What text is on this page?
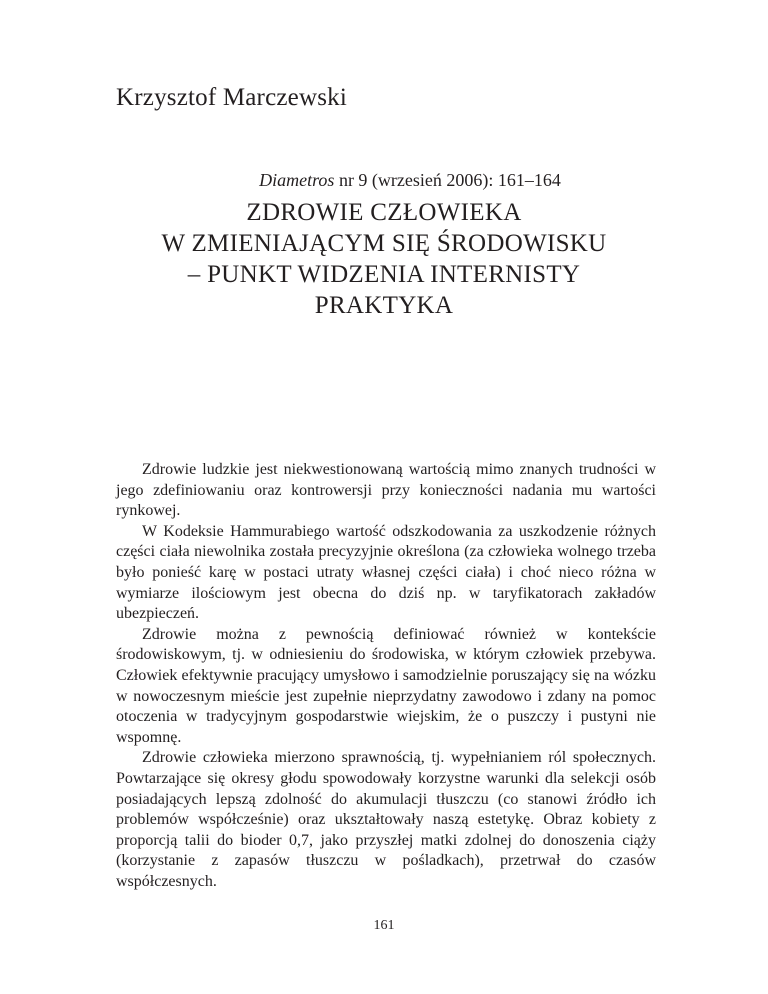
Krzysztof Marczewski
Diametros nr 9 (wrzesień 2006): 161–164
ZDROWIE CZŁOWIEKA
W ZMIENIAJĄCYM SIĘ ŚRODOWISKU
– PUNKT WIDZENIA INTERNISTY
PRAKTYKA

Zdrowie ludzkie jest niekwestionowaną wartością mimo znanych trudności w jego zdefiniowaniu oraz kontrowersji przy konieczności nadania mu wartości rynkowej.

W Kodeksie Hammurabiego wartość odszkodowania za uszkodzenie różnych części ciała niewolnika została precyzyjnie określona (za człowieka wolnego trzeba było ponieść karę w postaci utraty własnej części ciała) i choć nieco różna w wymiarze ilościowym jest obecna do dziś np. w taryfikatorach zakładów ubezpieczeń.

Zdrowie można z pewnością definiować również w kontekście środowiskowym, tj. w odniesieniu do środowiska, w którym człowiek przebywa. Człowiek efektywnie pracujący umysłowo i samodzielnie poruszający się na wózku w nowoczesnym mieście jest zupełnie nieprzydatny zawodowo i zdany na pomoc otoczenia w tradycyjnym gospodarstwie wiejskim, że o puszczy i pustyni nie wspomnę.

Zdrowie człowieka mierzono sprawnością, tj. wypełnianiem ról społecznych. Powtarzające się okresy głodu spowodowały korzystne warunki dla selekcji osób posiadających lepszą zdolność do akumulacji tłuszczu (co stanowi źródło ich problemów współcześnie) oraz ukształtowały naszą estetykę. Obraz kobiety z proporcją talii do bioder 0,7, jako przyszłej matki zdolnej do donoszenia ciąży (korzystanie z zapasów tłuszczu w pośladkach), przetrwał do czasów współczesnych.

161
